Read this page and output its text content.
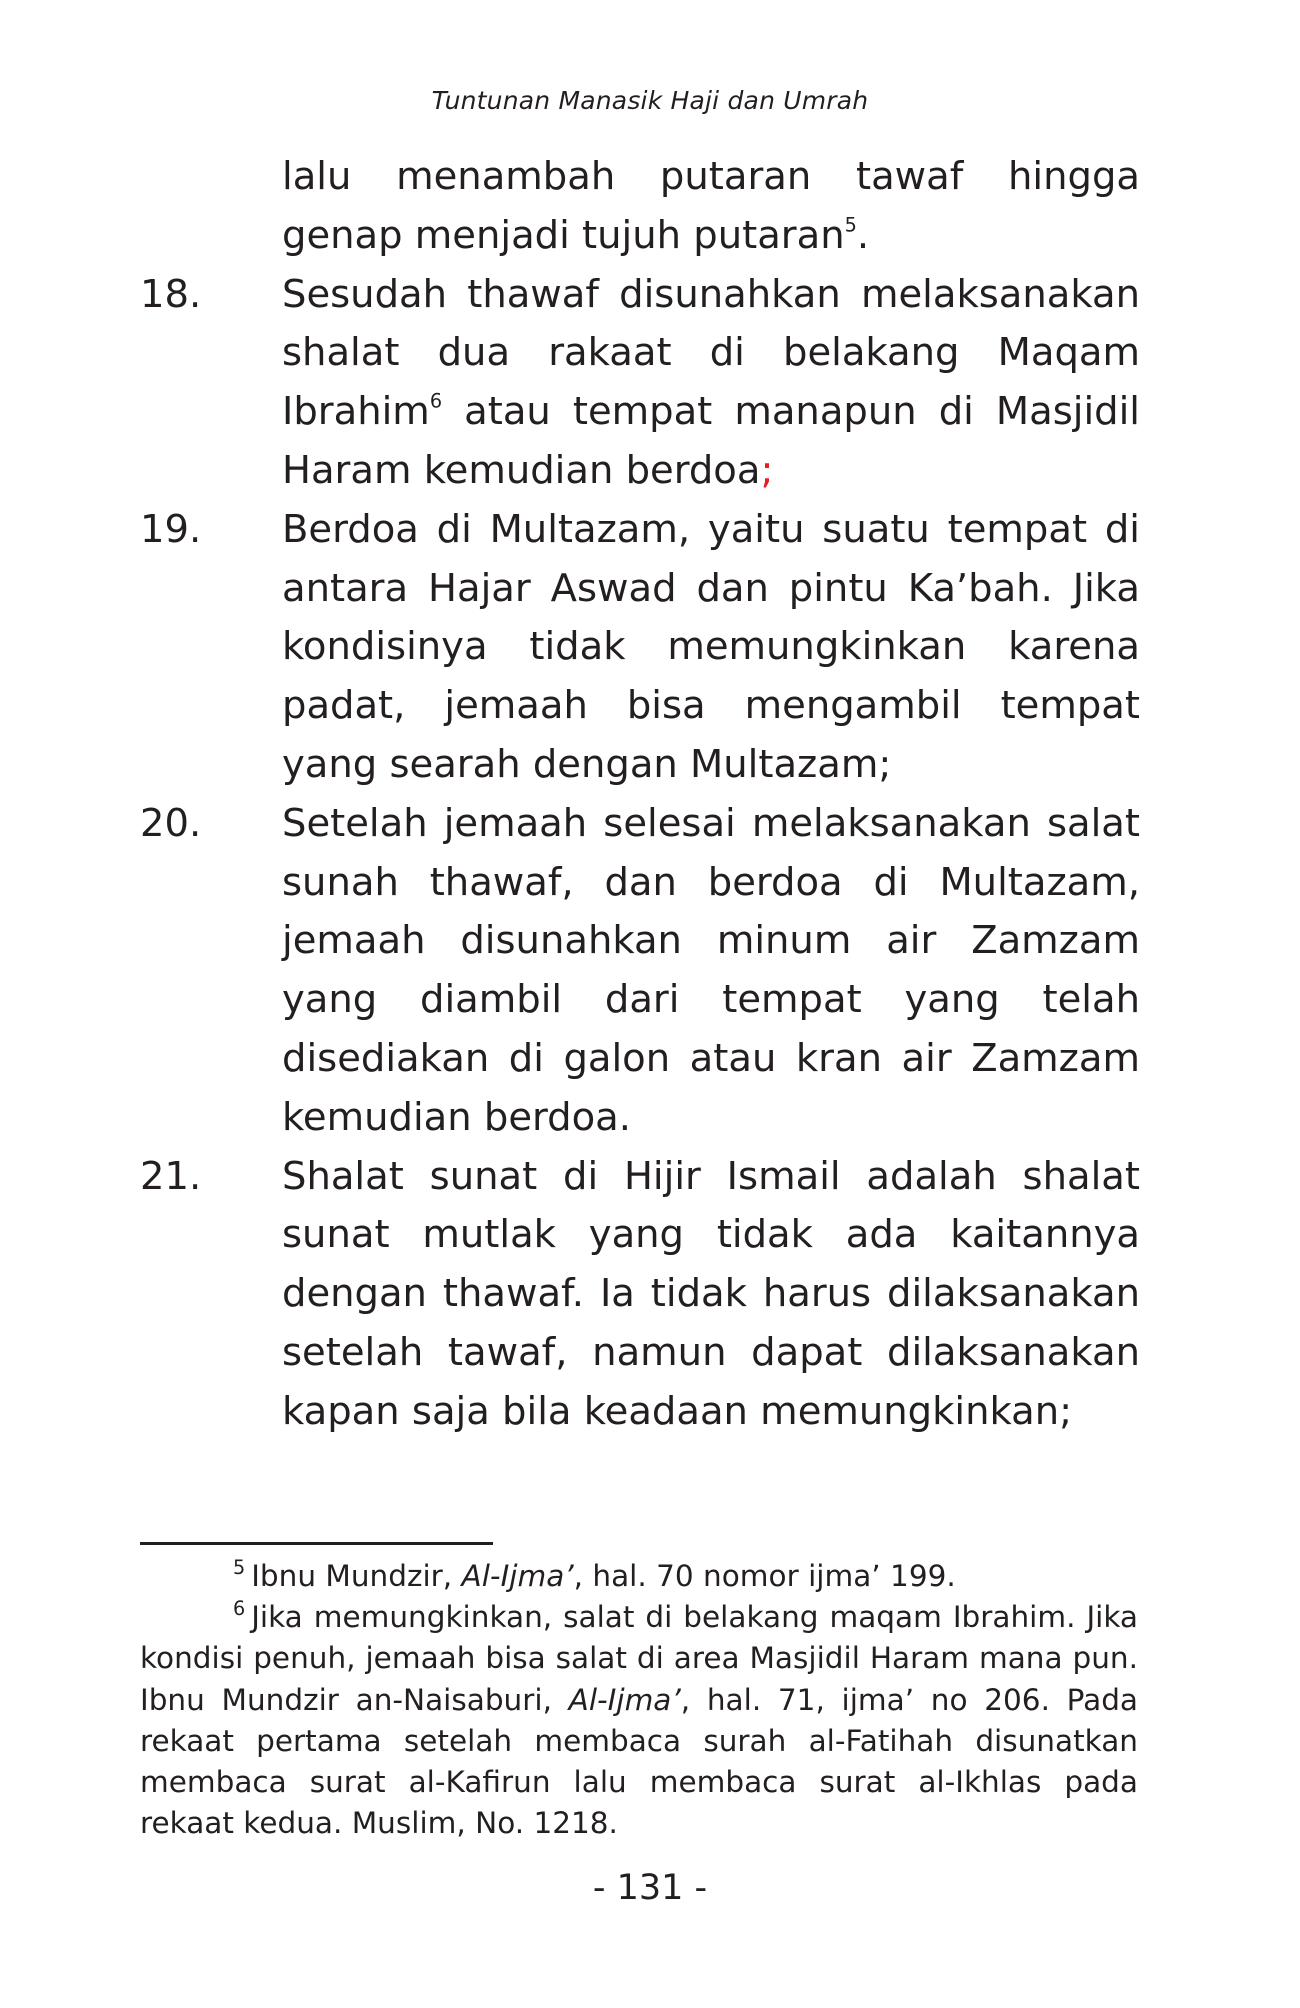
Tuntunan Manasik Haji dan Umrah
lalu menambah putaran tawaf hingga genap menjadi tujuh putaran$^5$.
18.	Sesudah thawaf disunahkan melaksanakan shalat dua rakaat di belakang Maqam Ibrahim$^6$ atau tempat manapun di Masjidil Haram kemudian berdoa;
19.	Berdoa di Multazam, yaitu suatu tempat di antara Hajar Aswad dan pintu Ka’bah. Jika kondisinya tidak memungkinkan karena padat, jemaah bisa mengambil tempat yang searah dengan Multazam;
20.	Setelah jemaah selesai melaksanakan salat sunah thawaf, dan berdoa di Multazam, jemaah disunahkan minum air Zamzam yang diambil dari tempat yang telah disediakan di galon atau kran air Zamzam kemudian berdoa.
21.	Shalat sunat di Hijir Ismail adalah shalat sunat mutlak yang tidak ada kaitannya dengan thawaf. Ia tidak harus dilaksanakan setelah tawaf, namun dapat dilaksanakan kapan saja bila keadaan memungkinkan;
$^5$ Ibnu Mundzir, Al-Ijma’, hal. 70 nomor ijma’ 199.
$^6$ Jika memungkinkan, salat di belakang maqam Ibrahim. Jika kondisi penuh, jemaah bisa salat di area Masjidil Haram mana pun. Ibnu Mundzir an-Naisaburi, Al-Ijma’, hal. 71, ijma’ no 206. Pada rekaat pertama setelah membaca surah al-Fatihah disunatkan membaca surat al-Kafirun lalu membaca surat al-Ikhlas pada rekaat kedua. Muslim, No. 1218.
- 131 -
